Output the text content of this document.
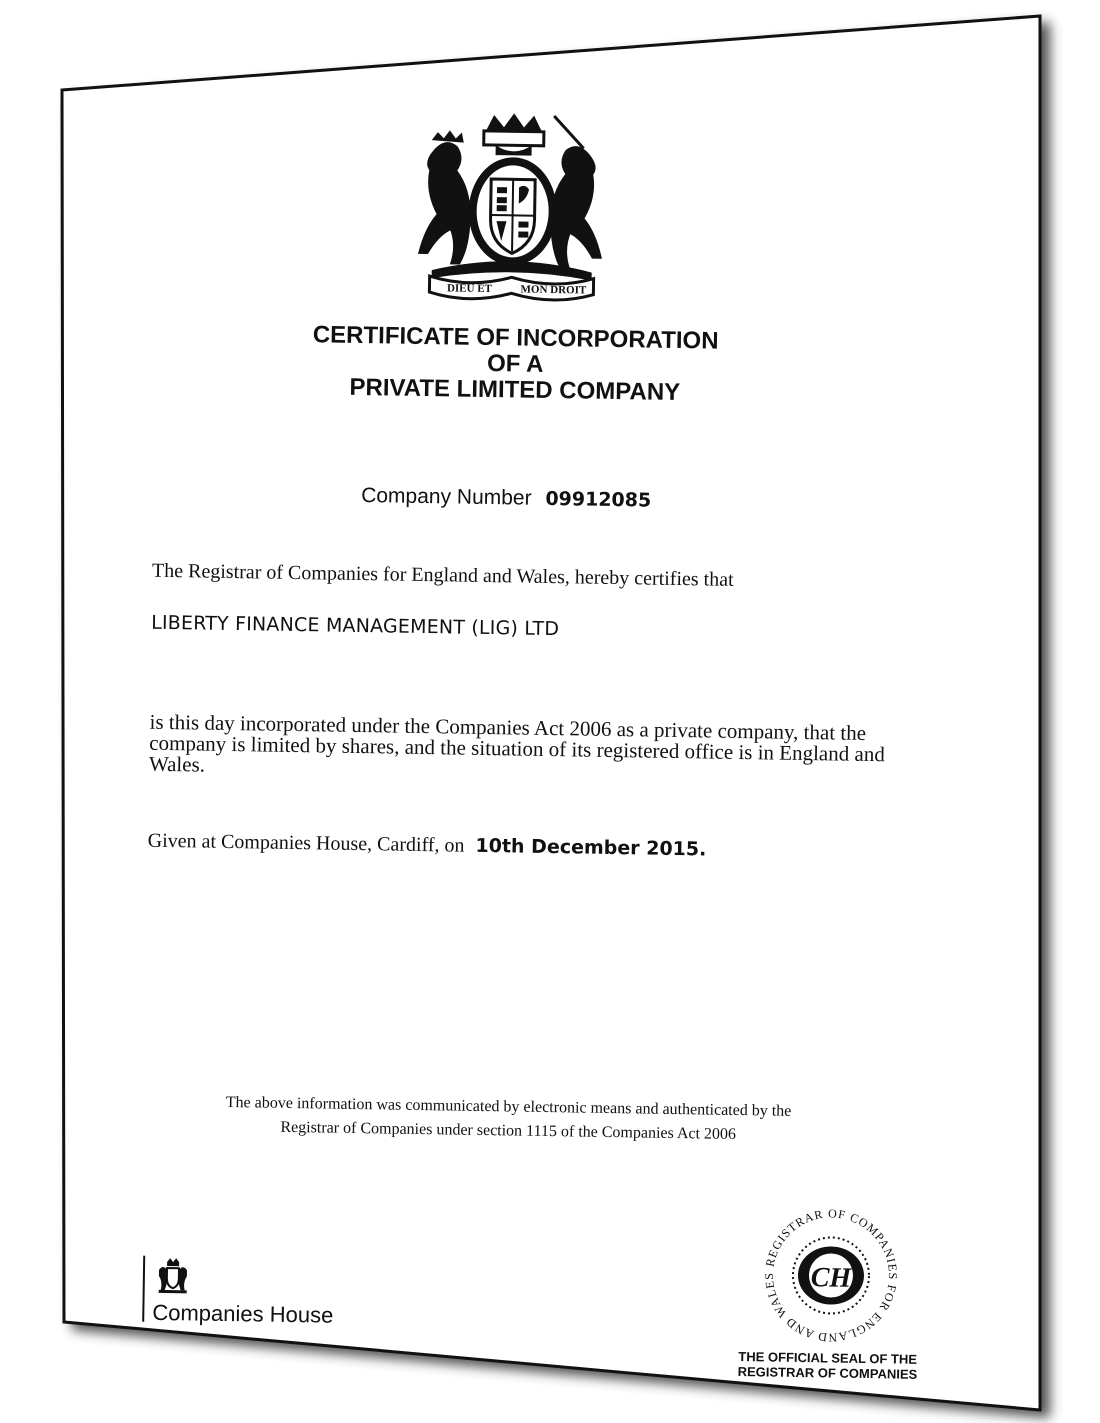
DIEU ET	MON DROIT
CERTIFICATE OF INCORPORATION
OF A
PRIVATE LIMITED COMPANY
Company Number 09912085
The Registrar of Companies for England and Wales, hereby certifies that
LIBERTY FINANCE MANAGEMENT (LIG) LTD
is this day incorporated under the Companies Act 2006 as a private company, that the company is limited by shares, and the situation of its registered office is in England and Wales.
Given at Companies House, Cardiff, on 10th December 2015.
The above information was communicated by electronic means and authenticated by the
Registrar of Companies under section 1115 of the Companies Act 2006
Companies House
REGISTRAR OF COMPANIES FOR ENGLAND AND WALES	CH
THE OFFICIAL SEAL OF THE
REGISTRAR OF COMPANIES
